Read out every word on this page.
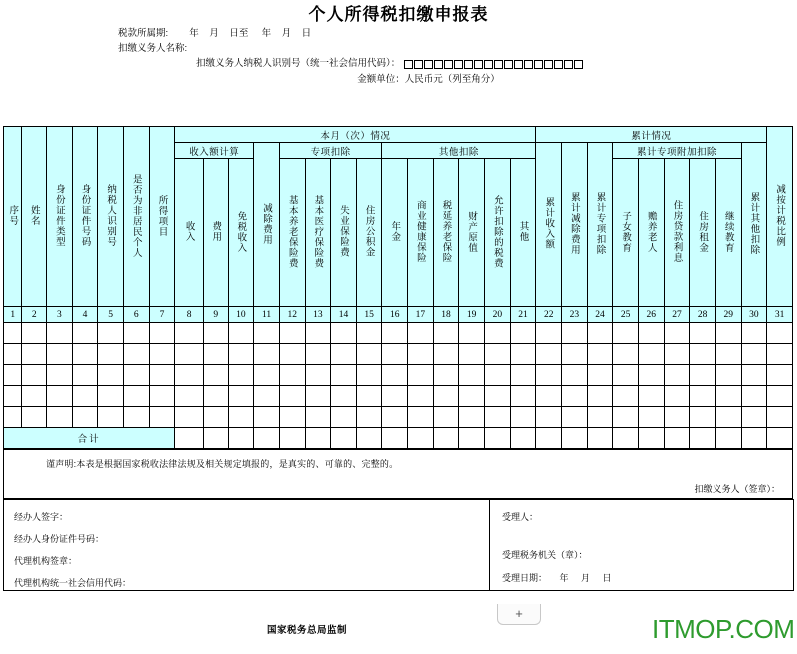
个人所得税扣缴申报表
税款所属期:        年    月    日至     年    月    日
扣缴义务人名称:
扣缴义务人纳税人识别号（统一社会信用代码）：
金额单位：人民币元（列至角分）
序号	姓名	身份证件类型	身份证件号码	纳税人识别号	是否为非居民个人	所得项目	本月（次）情况														累计情况									减按计税比例
							收入额计算			减除费用	专项扣除				其他扣除						累计收入额	累计减除费用	累计专项扣除	累计专项附加扣除					累计其他扣除	
							收入	费用	免税收入		基本养老保险费	基本医疗保险费	失业保险费	住房公积金	年金	商业健康保险	税延养老保险	财产原值	允许扣除的税费	其他				子女教育	赡养老人	住房贷款利息	住房租金	继续教育		
1	2	3	4	5	6	7	8	9	10	11	12	13	14	15	16	17	18	19	20	21	22	23	24	25	26	27	28	29	30	31

合计																														
谨声明:本表是根据国家税收法律法规及相关规定填报的，是真实的、可靠的、完整的。
扣缴义务人（签章）：
经办人签字：
经办人身份证件号码：
代理机构签章：
代理机构统一社会信用代码：

受理人：
受理税务机关（章）：
受理日期：     年     月     日
国家税务总局监制
+
ITMOP.COM
